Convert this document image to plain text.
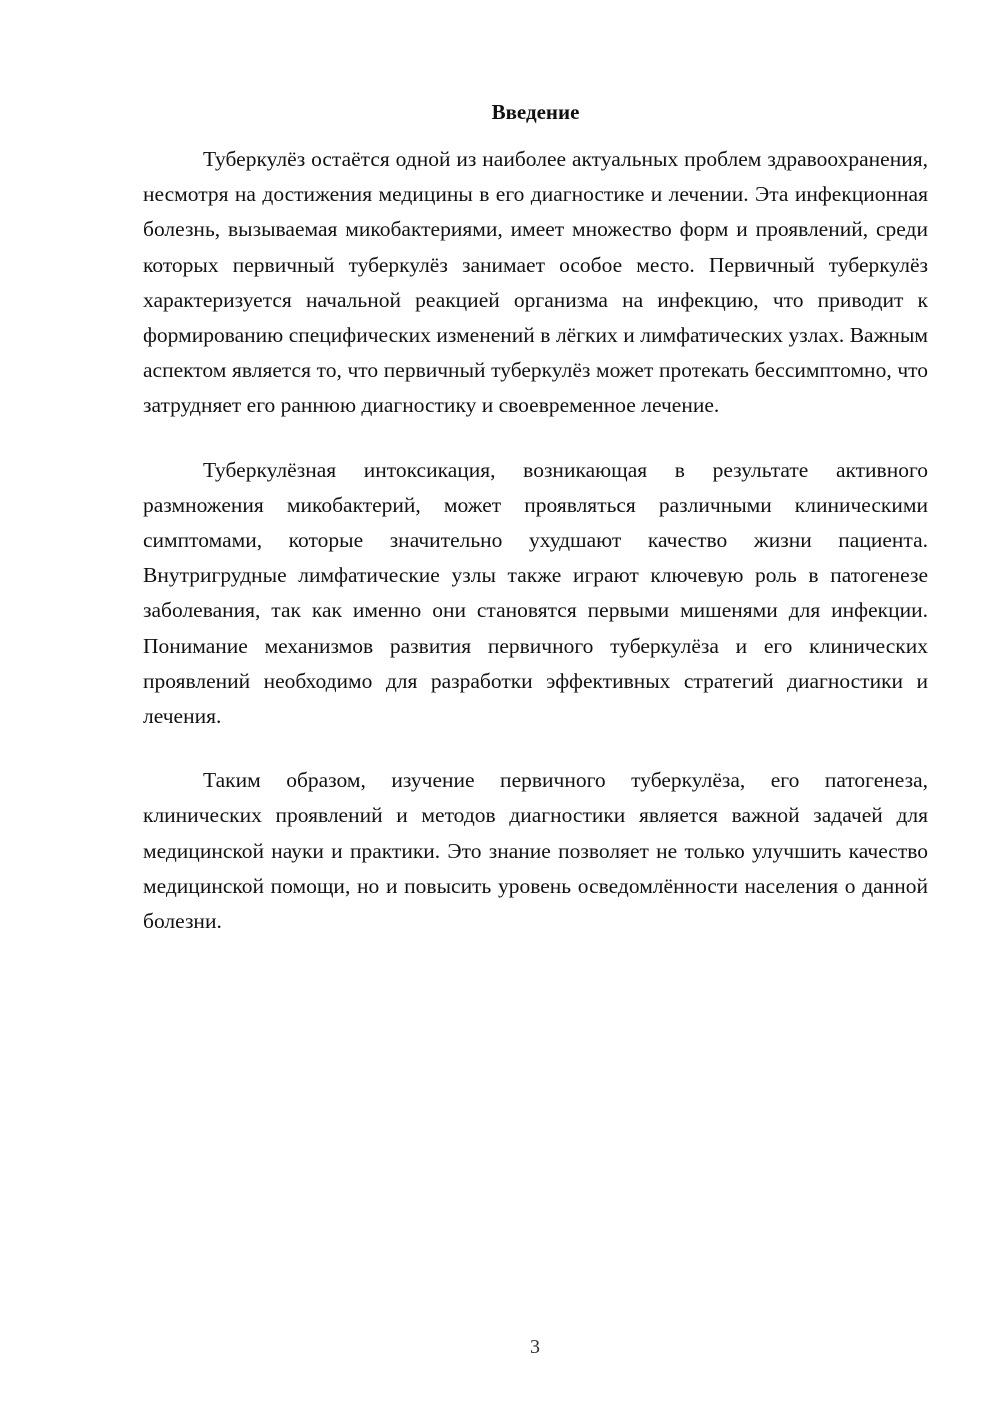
Введение

Туберкулёз остаётся одной из наиболее актуальных проблем здравоохранения, несмотря на достижения медицины в его диагностике и лечении. Эта инфекционная болезнь, вызываемая микобактериями, имеет множество форм и проявлений, среди которых первичный туберкулёз занимает особое место. Первичный туберкулёз характеризуется начальной реакцией организма на инфекцию, что приводит к формированию специфических изменений в лёгких и лимфатических узлах. Важным аспектом является то, что первичный туберкулёз может протекать бессимптомно, что затрудняет его раннюю диагностику и своевременное лечение.

Туберкулёзная интоксикация, возникающая в результате активного размножения микобактерий, может проявляться различными клиническими симптомами, которые значительно ухудшают качество жизни пациента. Внутригрудные лимфатические узлы также играют ключевую роль в патогенезе заболевания, так как именно они становятся первыми мишенями для инфекции. Понимание механизмов развития первичного туберкулёза и его клинических проявлений необходимо для разработки эффективных стратегий диагностики и лечения.

Таким образом, изучение первичного туберкулёза, его патогенеза, клинических проявлений и методов диагностики является важной задачей для медицинской науки и практики. Это знание позволяет не только улучшить качество медицинской помощи, но и повысить уровень осведомлённости населения о данной болезни.

3
